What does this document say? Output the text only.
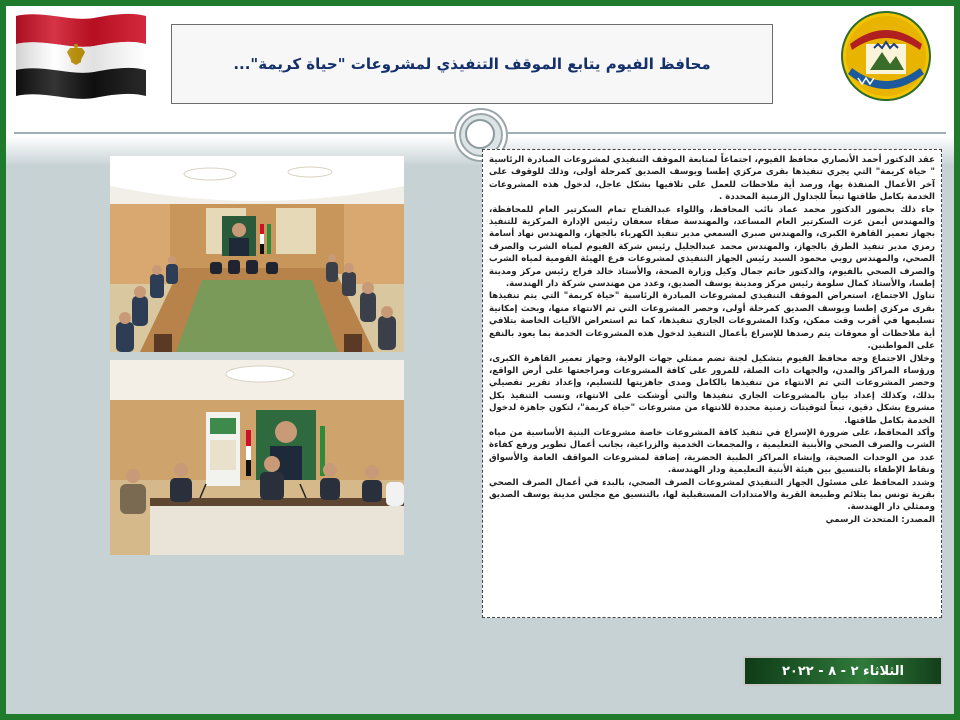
محافظ الفيوم يتابع الموقف التنفيذي لمشروعات "حياة كريمة"...

عقد الدكتور أحمد الأنصاري محافظ الفيوم، اجتماعاً لمتابعة الموقف التنفيذي لمشروعات المبادرة الرئاسية " حياة كريمة" التي يجري تنفيذها بقرى مركزي إطسا ويوسف الصديق كمرحلة أولى، وذلك للوقوف على آخر الأعمال المنفذة بها، ورصد أية ملاحظات للعمل على تلافيها بشكل عاجل، لدخول هذه المشروعات الخدمة بكامل طاقتها تبعاً للجداول الزمنية المحددة .

جاء ذلك بحضور الدكتور محمد عماد نائب المحافظ، واللواء عبدالفتاح تمام السكرتير العام للمحافظة، والمهندس أيمن عزت السكرتير العام المساعد، والمهندسة صفاء سعفان رئيس الإدارة المركزية للتنفيذ بجهاز تعمير القاهرة الكبرى، والمهندس صبري السمعي مدير تنفيذ الكهرباء بالجهاز، والمهندس نهاد أسامة رمزي مدير تنفيذ الطرق بالجهاز، والمهندس محمد عبدالجليل رئيس شركة الفيوم لمياه الشرب والصرف الصحي، والمهندس روبي محمود السيد رئيس الجهاز التنفيذي لمشروعات فرع الهيئة القومية لمياه الشرب والصرف الصحي بالفيوم، والدكتور حاتم جمال وكيل وزارة الصحة، والأستاذ خالد فراج رئيس مركز ومدينة إطسا، والأستاذ كمال سلومة رئيس مركز ومدينة يوسف الصديق، وعدد من مهندسي شركة دار الهندسة.

تناول الاجتماع، استعراض الموقف التنفيذي لمشروعات المبادرة الرئاسية "حياة كريمة" التي يتم تنفيذها بقرى مركزي إطسا ويوسف الصديق كمرحلة أولى، وحصر المشروعات التي تم الانتهاء منها، وبحث إمكانية تسليمها في أقرب وقت ممكن، وكذا المشروعات الجاري تنفيذها، كما تم استعراض الآليات الخاصة بتلافي أية ملاحظات أو معوقات يتم رصدها للإسراع بأعمال التنفيذ لدخول هذه المشروعات الخدمة بما يعود بالنفع على المواطنين.

وخلال الاجتماع وجه محافظ الفيوم بتشكيل لجنة تضم ممثلي جهات الولاية، وجهاز تعمير القاهرة الكبرى، ورؤساء المراكز والمدن، والجهات ذات الصلة، للمرور على كافة المشروعات ومراجعتها على أرض الواقع، وحصر المشروعات التي تم الانتهاء من تنفيذها بالكامل ومدى جاهزيتها للتسليم، وإعداد تقرير تفصيلي بذلك، وكذلك إعداد بيان بالمشروعات الجاري تنفيذها والتي أوشكت على الانتهاء، ونسب التنفيذ بكل مشروع بشكل دقيق، تبعاً لتوقيتات زمنية محددة للانتهاء من مشروعات "حياة كريمة"، لتكون جاهزة لدخول الخدمة بكامل طاقتها.

وأكد المحافظ، على ضرورة الإسراع في تنفيذ كافة المشروعات خاصة مشروعات البنية الأساسية من مياه الشرب والصرف الصحي والأبنية التعليمية ، والمجمعات الخدمية والزراعية، بجانب أعمال تطوير ورفع كفاءة عدد من الوحدات الصحية، وإنشاء المراكز الطبية الحضرية، إضافة لمشروعات المواقف العامة والأسواق ونقاط الإطفاء بالتنسيق بين هيئة الأبنية التعليمية ودار الهندسة.

وشدد المحافظ على مسئول الجهاز التنفيذي لمشروعات الصرف الصحي، بالبدء في أعمال الصرف الصحي بقرية تونس بما يتلائم وطبيعة القرية والامتدادات المستقبلية لها، بالتنسيق مع مجلس مدينة يوسف الصديق وممثلي دار الهندسة.

المصدر: المتحدث الرسمي

الثلاثاء ٢ - ٨ - ٢٠٢٢
